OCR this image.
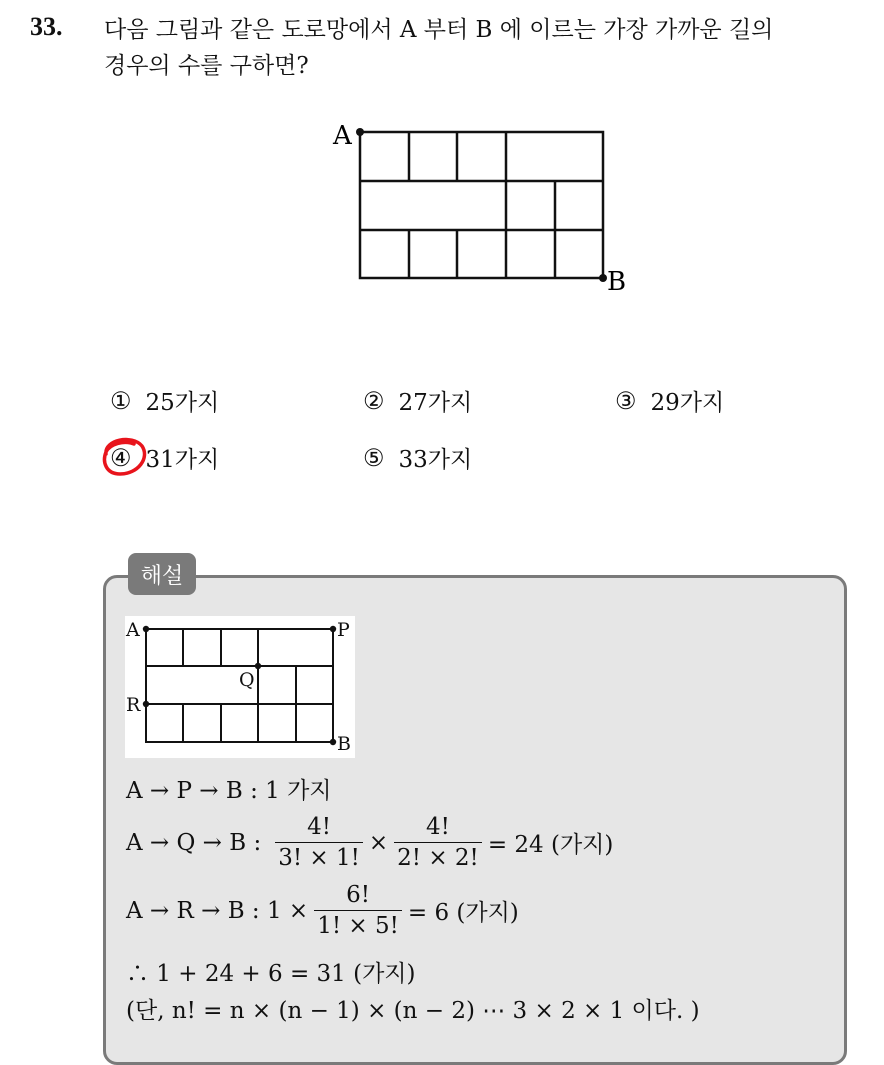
33. 다음 그림과 같은 도로망에서 A 부터 B 에 이르는 가장 가까운 길의
경우의 수를 구하면?
A
B
① 25가지	② 27가지	③ 29가지
④ 31가지	⑤ 33가지
해설
A	P
Q
R
B
A → P → B : 1 가지
A → Q → B : $\frac{4!}{3! \times 1!} \times \frac{4!}{2! \times 2!} = 24$ (가지)
A → R → B : $1 \times \frac{6!}{1! \times 5!} = 6$ (가지)
∴ 1 + 24 + 6 = 31 (가지)
(단, n! = n × (n − 1) × (n − 2) ⋯ 3 × 2 × 1 이다. )
